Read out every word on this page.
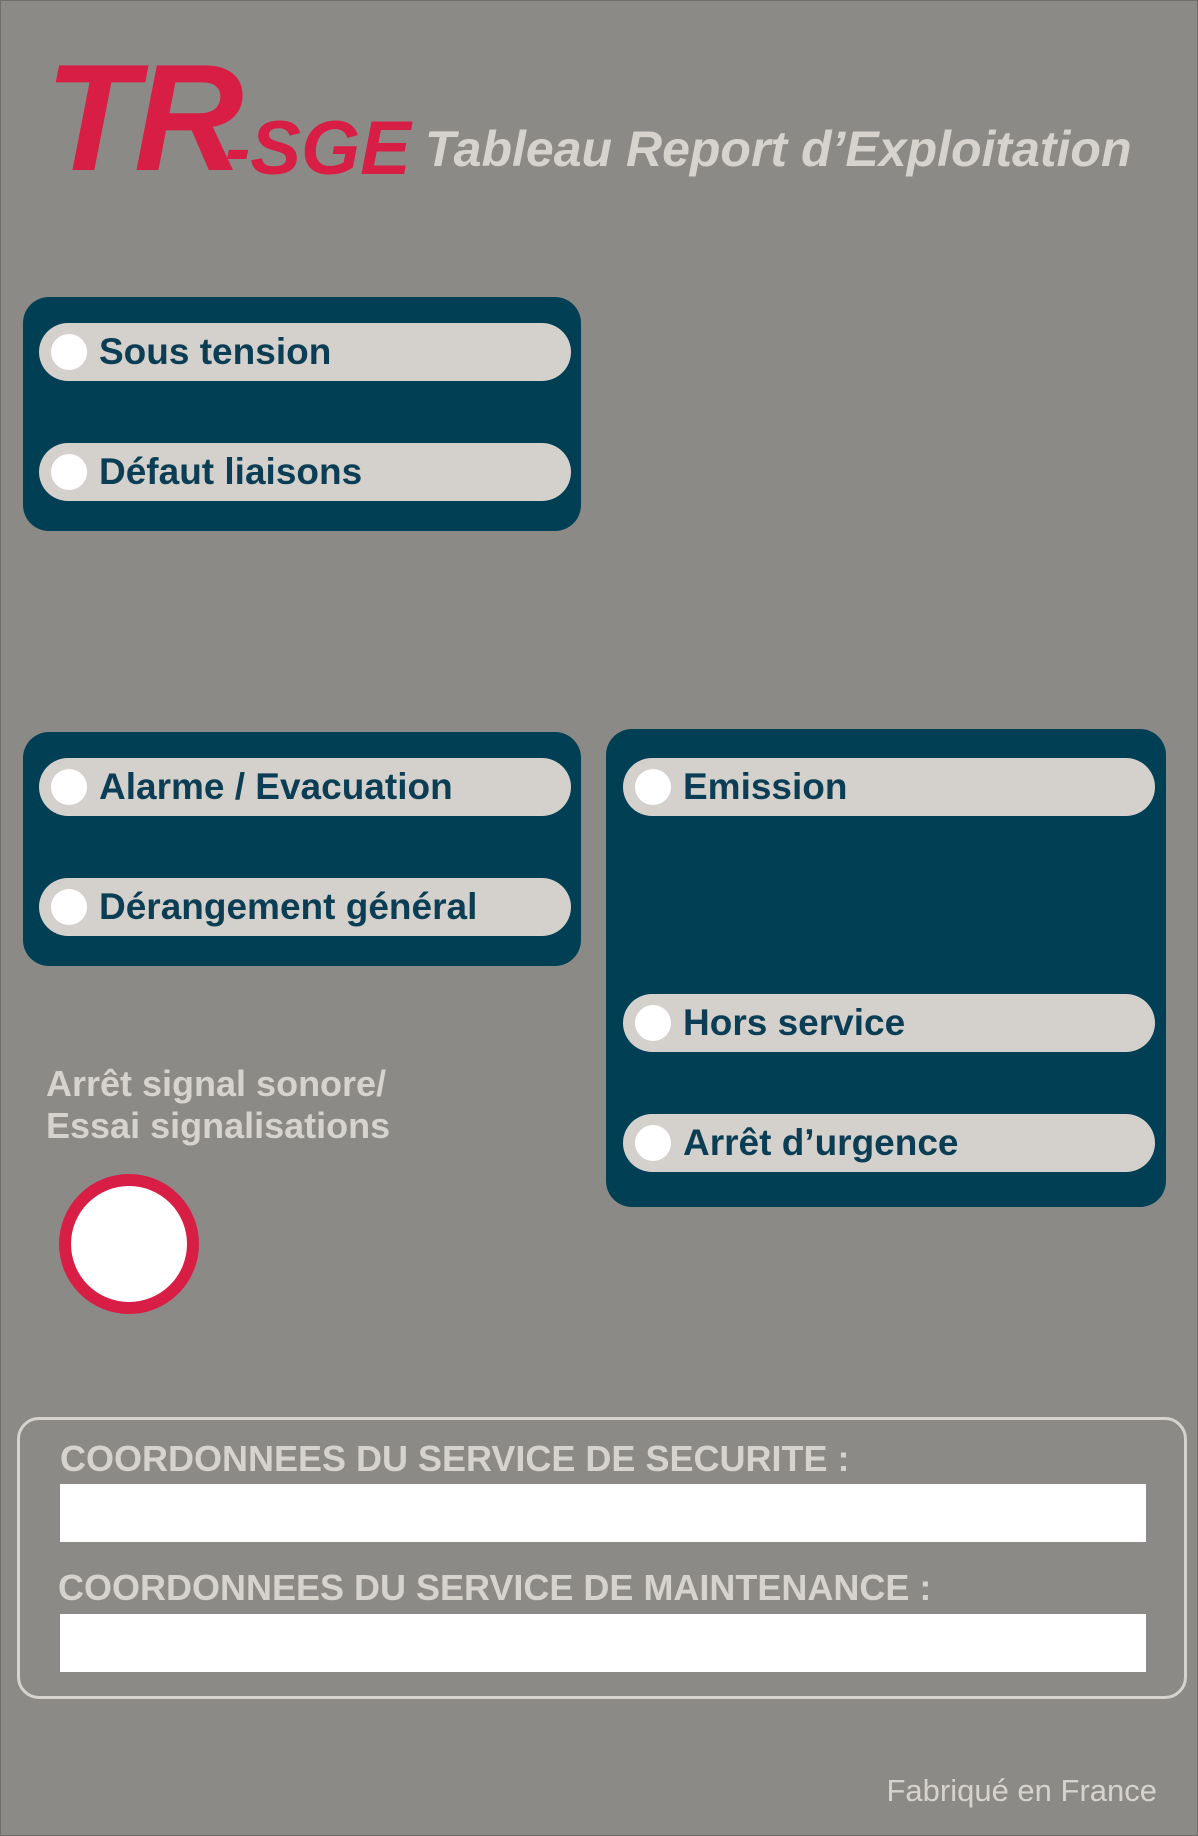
TR
-SGE Tableau Report d’Exploitation
Sous tension
Défaut liaisons
Alarme / Evacuation
Dérangement général
Emission
Hors service
Arrêt d’urgence
Arrêt signal sonore/
Essai signalisations
COORDONNEES DU SERVICE DE SECURITE :
COORDONNEES DU SERVICE DE MAINTENANCE :
Fabriqué en France
